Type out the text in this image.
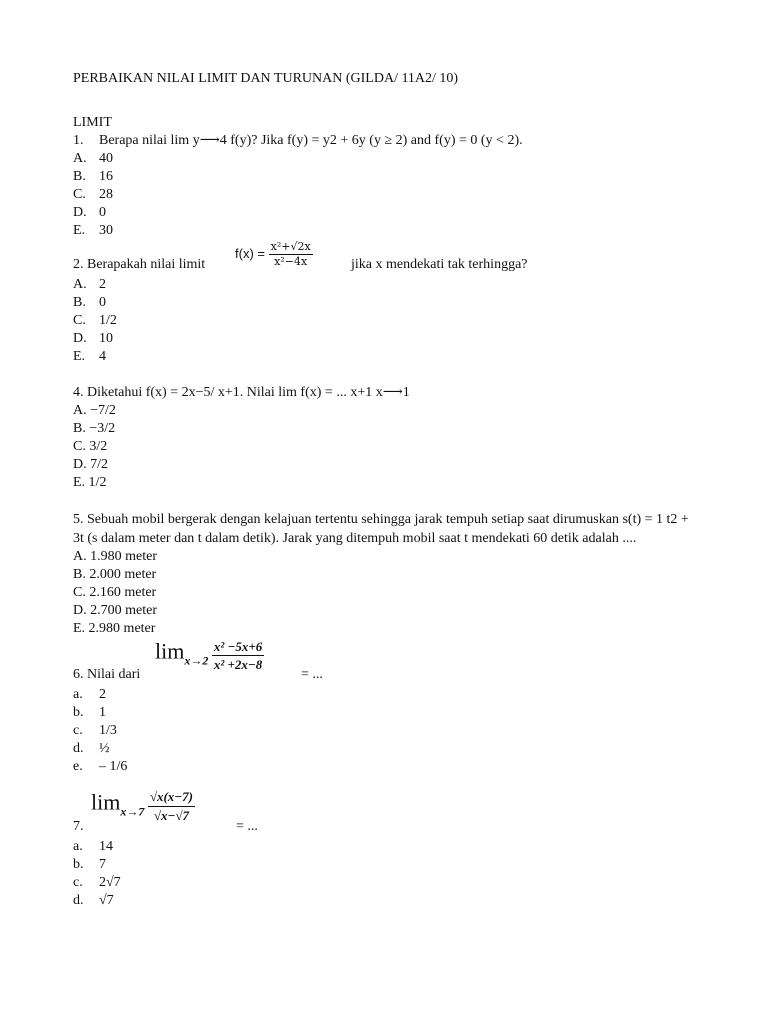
PERBAIKAN NILAI LIMIT DAN TURUNAN (GILDA/ 11A2/ 10)
LIMIT
1. Berapa nilai lim y⟶4 f(y)? Jika f(y) = y2 + 6y (y ≥ 2) and f(y) = 0 (y < 2).
A. 40
B. 16
C. 28
D. 0
E. 30
2. Berapakah nilai limit
$f(x) = \frac{\text{x²+√2x}}{\text{x²−4x}}$	jika x mendekati tak terhingga?
A. 2
B. 0
C. 1/2
D. 10
E. 4
4. Diketahui f(x) = 2x−5/ x+1. Nilai lim f(x) = ... x+1 x⟶1
A. −7/2
B. −3/2
C. 3/2
D. 7/2
E. 1/2
5. Sebuah mobil bergerak dengan kelajuan tertentu sehingga jarak tempuh setiap saat dirumuskan s(t) = 1 t2 + 3t (s dalam meter dan t dalam detik). Jarak yang ditempuh mobil saat t mendekati 60 detik adalah ....
A. 1.980 meter
B. 2.000 meter
C. 2.160 meter
D. 2.700 meter
E. 2.980 meter
6. Nilai dari
$\lim x\to 2 \frac{\text{x² −5x+6}}{\text{x² +2x−8}}$
= ...
a.	2
b.	1
c.	1/3
d.	½
e.	– 1/6
7.
$\lim x\to 7 \frac{√x(x-7)}{√x-√7}$
= ...
a.	14
b.	7
c.	2√7
d.	√7
